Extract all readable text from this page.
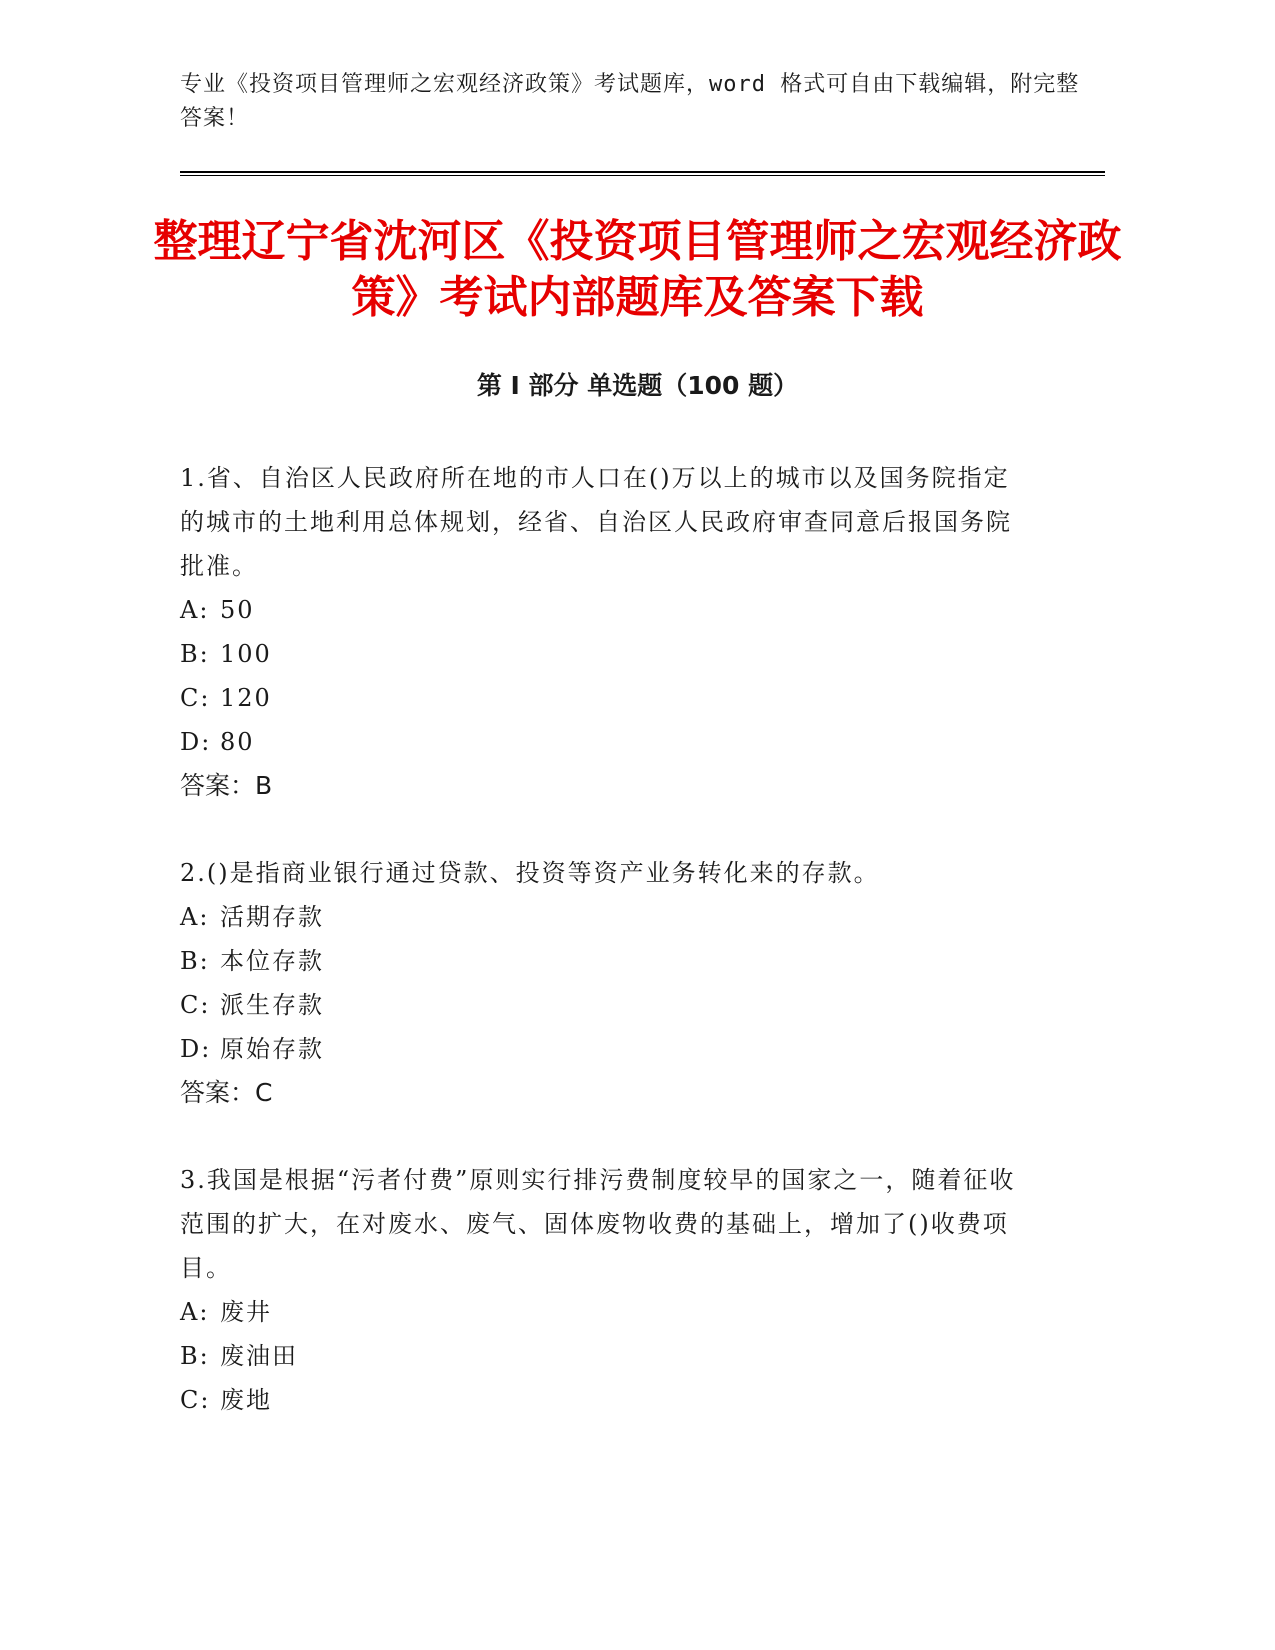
专业《投资项目管理师之宏观经济政策》考试题库，word 格式可自由下载编辑，附完整答案！
整理辽宁省沈河区《投资项目管理师之宏观经济政策》考试内部题库及答案下载
第 I 部分 单选题（100 题）

1.省、自治区人民政府所在地的市人口在()万以上的城市以及国务院指定的城市的土地利用总体规划，经省、自治区人民政府审查同意后报国务院批准。

A: 50

B: 100

C: 120

D: 80

答案：B

2.()是指商业银行通过贷款、投资等资产业务转化来的存款。

A: 活期存款

B: 本位存款

C: 派生存款

D: 原始存款

答案：C

3.我国是根据“污者付费”原则实行排污费制度较早的国家之一，随着征收范围的扩大，在对废水、废气、固体废物收费的基础上，增加了()收费项目。

A: 废井

B: 废油田

C: 废地
